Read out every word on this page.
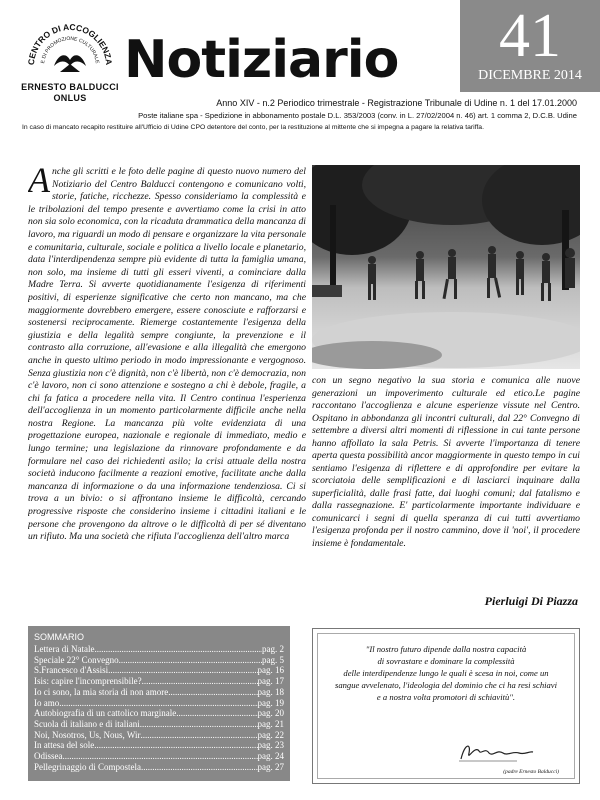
CENTRO DI ACCOGLIENZA
E DI PROMOZIONE CULTURALE
ERNESTO BALDUCCI
ONLUS
Notiziario	41
DICEMBRE 2014
Anno XIV - n.2 Periodico trimestrale - Registrazione Tribunale di Udine n. 1 del 17.01.2000
Poste italiane spa - Spedizione in abbonamento postale D.L. 353/2003 (conv. in L. 27/02/2004 n. 46) art. 1 comma 2, D.C.B. Udine
In caso di mancato recapito restituire all'Ufficio di Udine CPO detentore del conto, per la restituzione al mittente che si impegna a pagare la relativa tariffa.
Anche gli scritti e le foto delle pagine di questo nuovo numero del Notiziario del Centro Balducci contengono e comunicano volti, storie, fatiche, ricchezze. Spesso consideriamo la complessità e le tribolazioni del tempo presente e avvertiamo come la crisi in atto non sia solo economica, con la ricaduta drammatica della mancanza di lavoro, ma riguardi un modo di pensare e organizzare la vita personale e comunitaria, culturale, sociale e politica a livello locale e planetario, data l'interdipendenza sempre più evidente di tutta la famiglia umana, non solo, ma insieme di tutti gli esseri viventi, a cominciare dalla Madre Terra. Si avverte quotidianamente l'esigenza di riferimenti positivi, di esperienze significative che certo non mancano, ma che maggiormente dovrebbero emergere, essere conosciute e rafforzarsi e sostenersi reciprocamente. Riemerge costantemente l'esigenza della giustizia e della legalità sempre congiunte, la prevenzione e il contrasto alla corruzione, all'evasione e alla illegalità che emergono anche in questo ultimo periodo in modo impressionante e vergognoso. Senza giustizia non c'è dignità, non c'è libertà, non c'è democrazia, non c'è lavoro, non ci sono attenzione e sostegno a chi è debole, fragile, a chi fa fatica a procedere nella vita. Il Centro continua l'esperienza dell'accoglienza in un momento particolarmente difficile anche nella nostra Regione. La mancanza più volte evidenziata di una progettazione europea, nazionale e regionale di immediato, medio e lungo termine; una legislazione da rinnovare profondamente e da formulare nel caso dei richiedenti asilo; la crisi attuale della nostra società inducono facilmente a reazioni emotive, facilitate anche dalla mancanza di informazione o da una informazione tendenziosa. Ci si trova a un bivio: o si affrontano insieme le difficoltà, cercando progressive risposte che considerino insieme i cittadini italiani e le persone che provengono da altrove o le difficoltà di per sé diventano un rifiuto. Ma una società che rifiuta l'accoglienza dell'altro marca
con un segno negativo la sua storia e comunica alle nuove generazioni un impoverimento culturale ed etico.Le pagine raccontano l'accoglienza e alcune esperienze vissute nel Centro. Ospitano in abbondanza gli incontri culturali, dal 22° Convegno di settembre a diversi altri momenti di riflessione in cui tante persone hanno affollato la sala Petris. Si avverte l'importanza di tenere aperta questa possibilità ancor maggiormente in questo tempo in cui sentiamo l'esigenza di riflettere e di approfondire per evitare la scorciatoia delle semplificazioni e di lasciarci inquinare dalla superficialità, dalle frasi fatte, dai luoghi comuni; dal fatalismo e dalla rassegnazione. E' particolarmente importante individuare e comunicarci i segni di quella speranza di cui tutti avvertiamo l'esigenza profonda per il nostro cammino, dove il 'noi', il procedere insieme è fondamentale.
Pierluigi Di Piazza
SOMMARIO
Lettera di Natale .....	pag. 2
Speciale 22° Convegno .....	pag. 5
S.Francesco d'Assisi .....	pag. 16
Isis: capire l'incomprensibile? .....	pag. 17
Io ci sono, la mia storia di non amore .....	pag. 18
Io amo .....	pag. 19
Autobiografia di un cattolico marginale .....	pag. 20
Scuola di italiano e di italiani .....	pag. 21
Noi, Nosotros, Us, Nous, Wir .....	pag. 22
In attesa del sole .....	pag. 23
Odissea .....	pag. 24
Pellegrinaggio di Compostela .....	pag. 27
"Il nostro futuro dipende dalla nostra capacità
di sovrastare e dominare la complessità
delle interdipendenze lungo le quali è scesa in noi, come un
sangue avvelenato, l'ideologia del dominio che ci ha resi schiavi
e a nostra volta promotori di schiavitù".
(padre Ernesto Balducci)
